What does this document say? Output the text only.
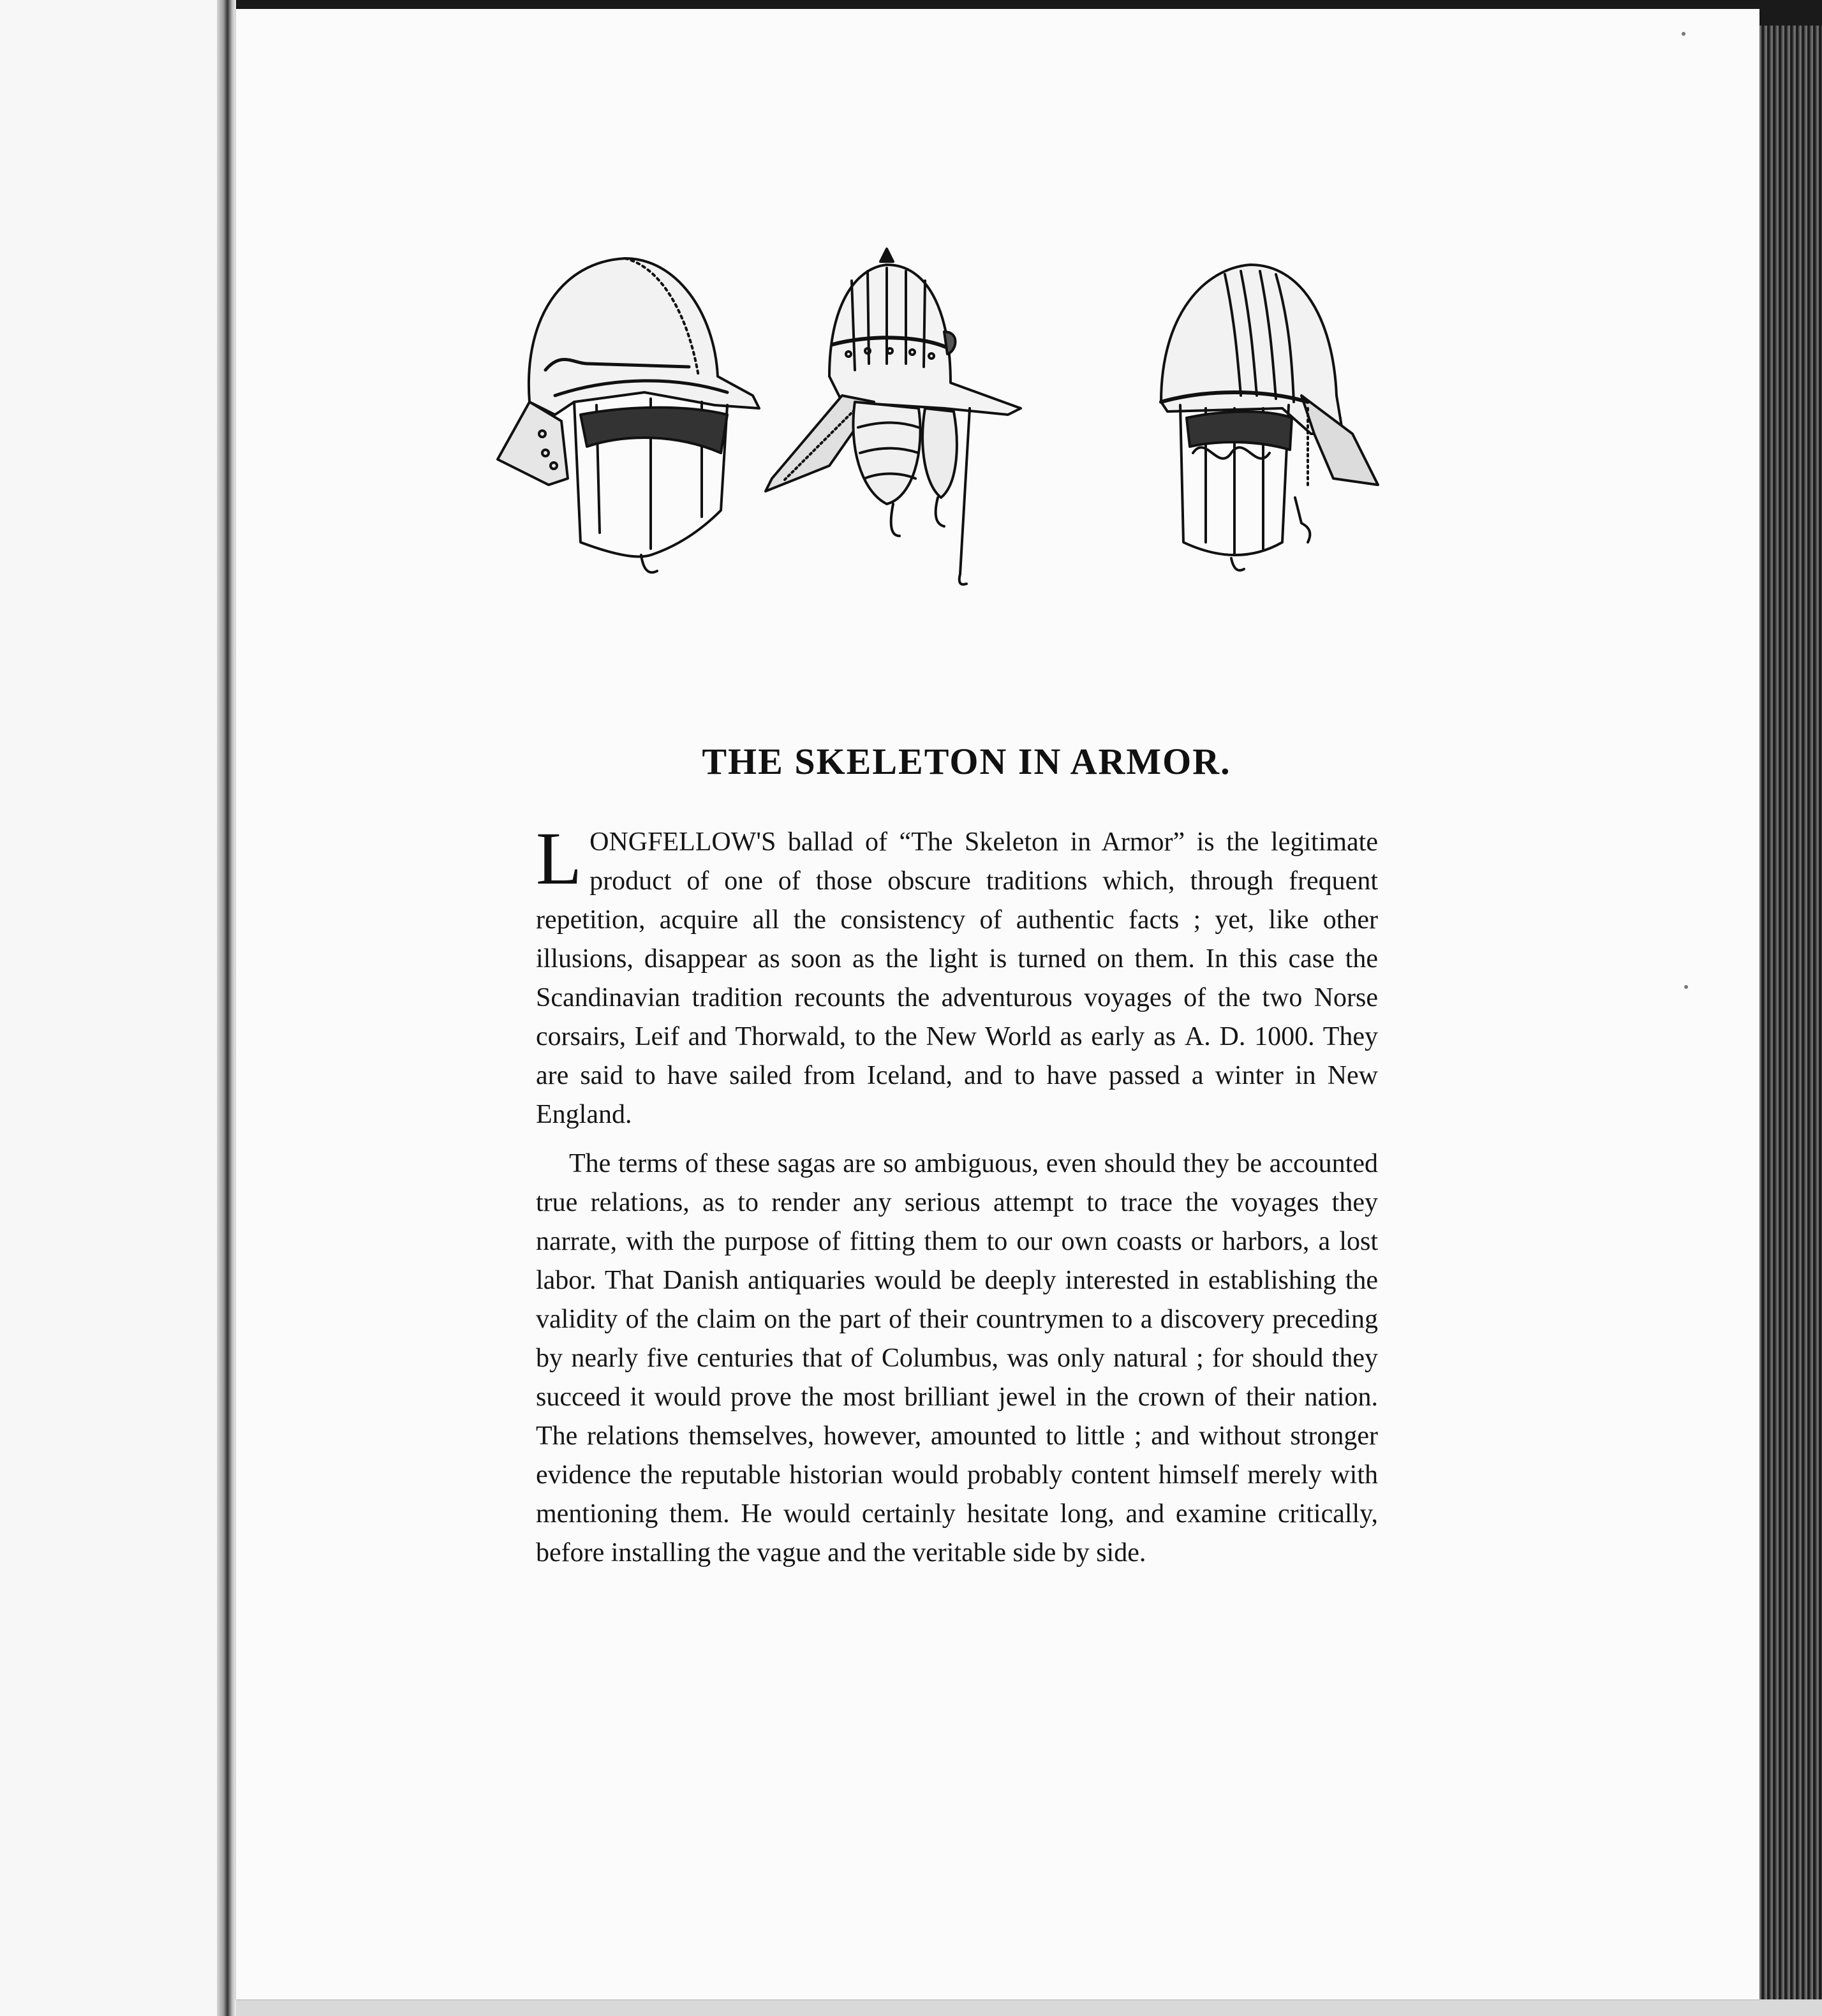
THE SKELETON IN ARMOR.

LONGFELLOW'S ballad of “The Skeleton in Armor” is the legitimate product of one of those obscure traditions which, through frequent repetition, acquire all the consistency of authentic facts ; yet, like other illusions, disappear as soon as the light is turned on them. In this case the Scandinavian tradition recounts the adventurous voyages of the two Norse corsairs, Leif and Thorwald, to the New World as early as A. D. 1000. They are said to have sailed from Iceland, and to have passed a winter in New England.

The terms of these sagas are so ambiguous, even should they be accounted true relations, as to render any serious attempt to trace the voyages they narrate, with the purpose of fitting them to our own coasts or harbors, a lost labor. That Danish antiquaries would be deeply interested in establishing the validity of the claim on the part of their countrymen to a discovery preceding by nearly five centuries that of Columbus, was only natural ; for should they succeed it would prove the most brilliant jewel in the crown of their nation. The relations themselves, however, amounted to little ; and without stronger evidence the reputable historian would probably content himself merely with mentioning them. He would certainly hesitate long, and examine critically, before installing the vague and the veritable side by side.
